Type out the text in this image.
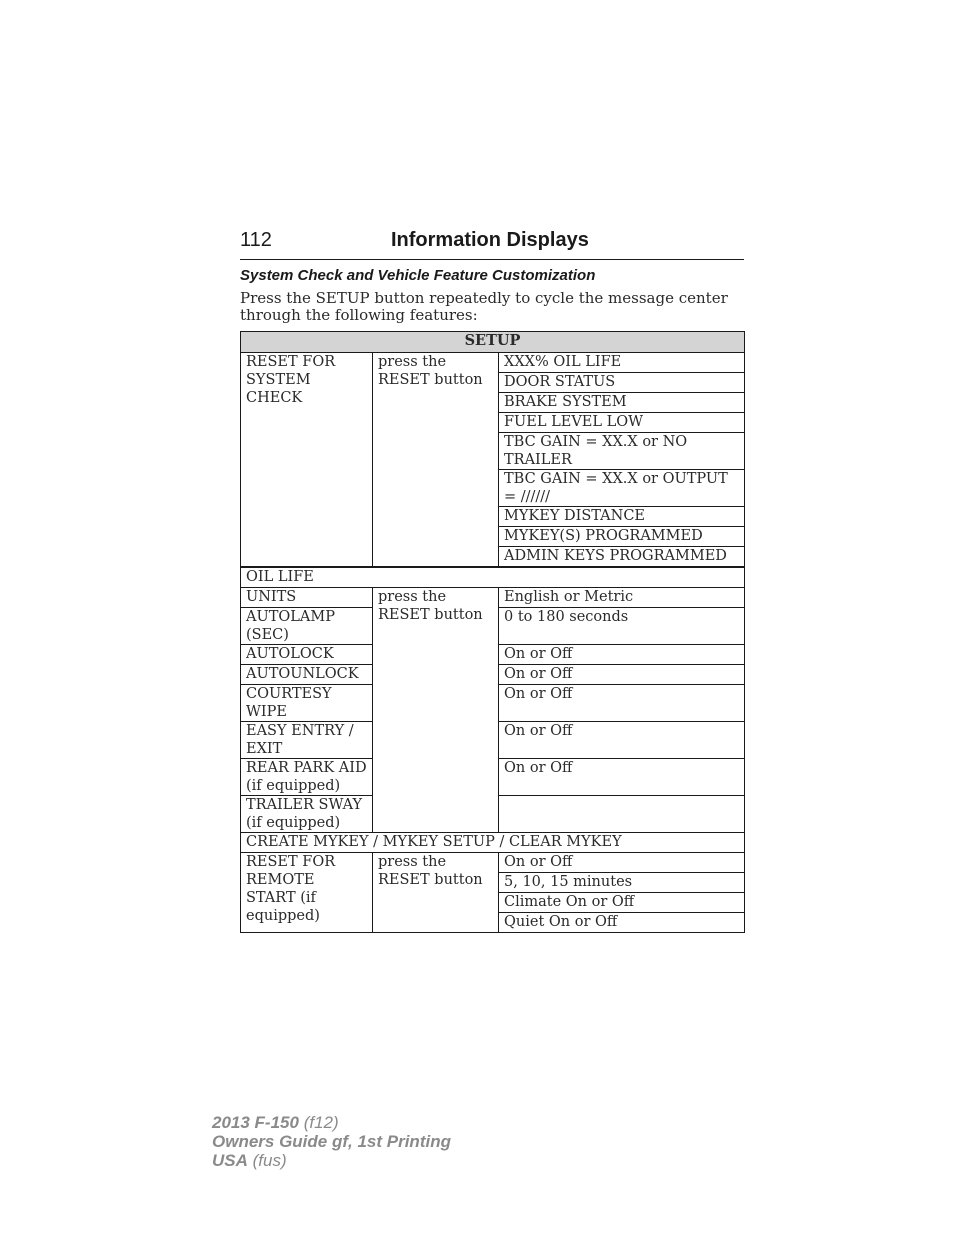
112	Information Displays
System Check and Vehicle Feature Customization
Press the SETUP button repeatedly to cycle the message center through the following features:
SETUP		
RESET FOR SYSTEM CHECK	press the RESET button	XXX% OIL LIFE
		DOOR STATUS
		BRAKE SYSTEM
		FUEL LEVEL LOW
		TBC GAIN = XX.X or NO TRAILER
		TBC GAIN = XX.X or OUTPUT = //////
		MYKEY DISTANCE
		MYKEY(S) PROGRAMMED
		ADMIN KEYS PROGRAMMED
OIL LIFE		
UNITS	press the RESET button	English or Metric
AUTOLAMP (SEC)		0 to 180 seconds
AUTOLOCK		On or Off
AUTOUNLOCK		On or Off
COURTESY WIPE		On or Off
EASY ENTRY / EXIT		On or Off
REAR PARK AID (if equipped)		On or Off
TRAILER SWAY (if equipped)		
CREATE MYKEY / MYKEY SETUP / CLEAR MYKEY		
RESET FOR REMOTE START (if equipped)	press the RESET button	On or Off
		5, 10, 15 minutes
		Climate On or Off
		Quiet On or Off
2013 F-150 (f12)
Owners Guide gf, 1st Printing
USA (fus)
